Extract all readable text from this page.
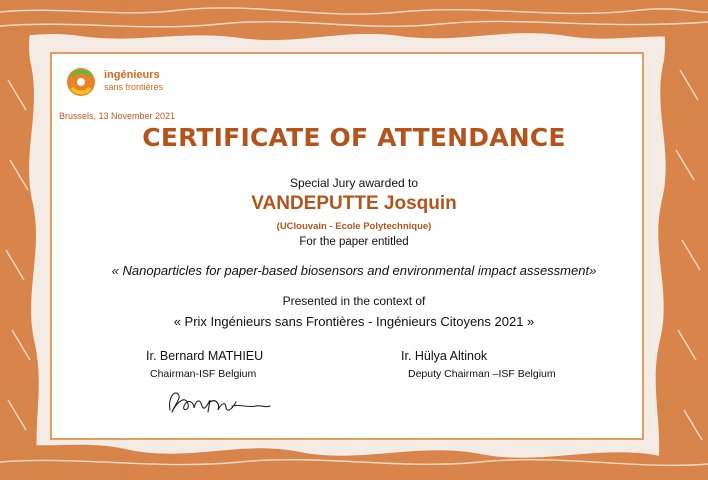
ingénieurs
sans frontières
Brussels, 13 November 2021
CERTIFICATE OF ATTENDANCE
Special Jury awarded to
VANDEPUTTE Josquin
(UClouvain - Ecole Polytechnique)
For the paper entitled
« Nanoparticles for paper-based biosensors and environmental impact assessment»
Presented in the context of
« Prix Ingénieurs sans Frontières - Ingénieurs Citoyens 2021 »
Ir. Bernard MATHIEU
Chairman-ISF Belgium
Ir. Hülya Altinok
Deputy Chairman –ISF Belgium
